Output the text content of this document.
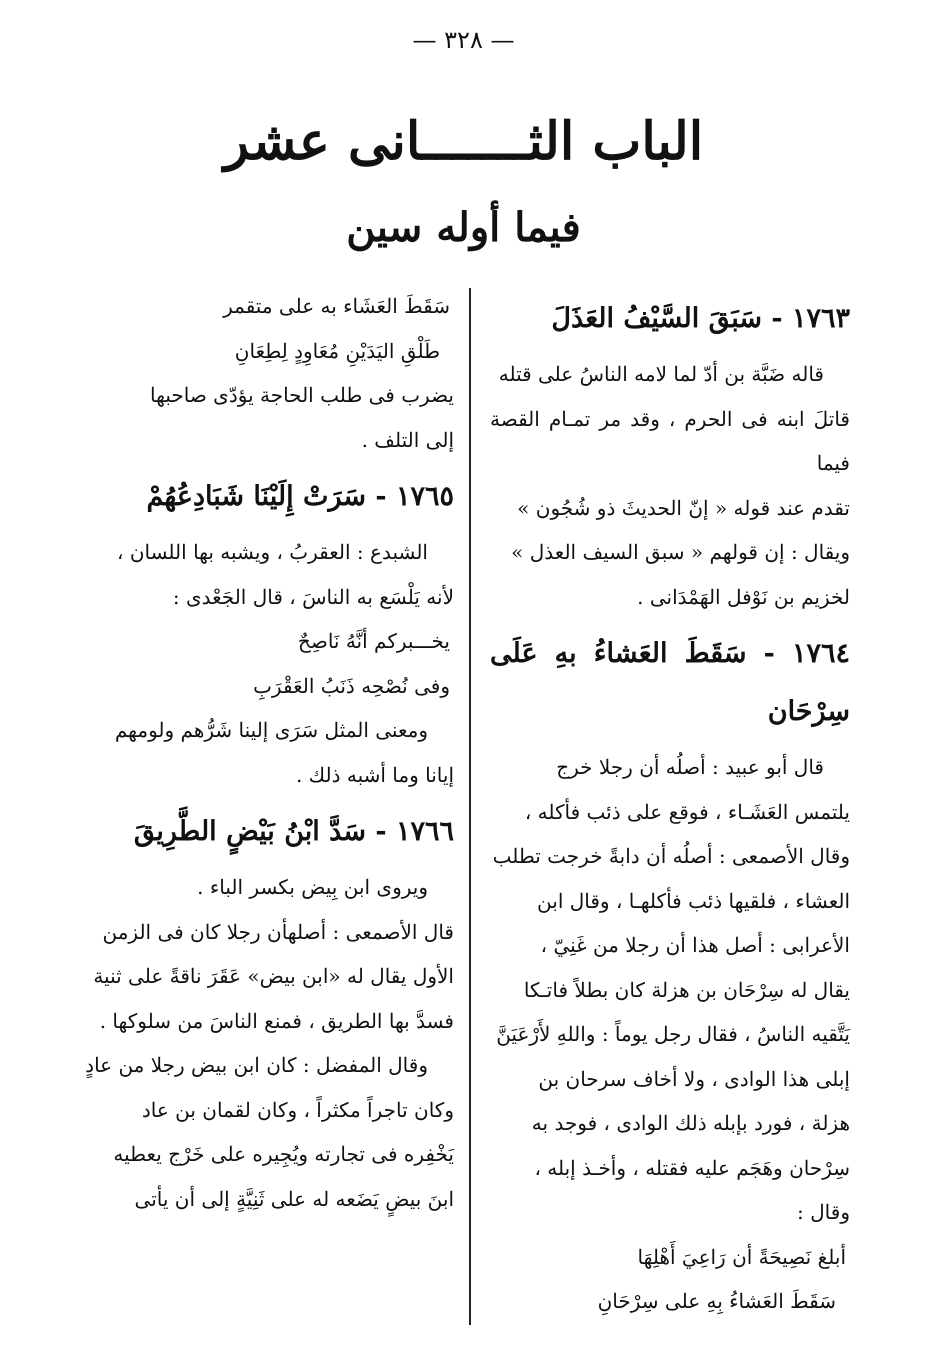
— ٣٢٨ —
الباب الثـــــــانى عشر
فيما أوله سين
١٧٦٣ - سَبَقَ السَّيْفُ العَذَلَ

قاله ضَبَّة بن أدّ لما لامه الناسُ على قتله

قاتلَ ابنه فى الحرم ، وقد مر تمـام القصة فيما

تقدم عند قوله « إنّ الحديثَ ذو شُجُون »

ويقال : إن قولهم « سبق السيف العذل »

لخزيم بن نَوْفل الهَمْدَانى .

١٧٦٤ - سَقَطَ العَشاءُ بهِ عَلَى سِرْحَان

قال أبو عبيد : أصلُه أن رجلا خرج

يلتمس العَشَـاء ، فوقع على ذئب فأكله ،

وقال الأصمعى : أصلُه أن دابةً خرجت تطلب

العشاء ، فلقيها ذئب فأكلهـا ، وقال ابن

الأعرابى : أصل هذا أن رجلا من غَنِيّ ،

يقال له سِرْحَان بن هزلة كان بطلاً فاتـكا

يَتَّقيه الناسُ ، فقال رجل يوماً : واللهِ لأَرْعَيَنَّ

إبلى هذا الوادى ، ولا أخاف سرحان بن

هزلة ، فورد بإبله ذلك الوادى ، فوجد به

سِرْحان وهَجَم عليه فقتله ، وأخـذ إبله ،

وقال :

أبلغ نَصِيحَةً أن رَاعِيَ أَهْلِهَا

سَقَطَ العَشاءُ بِهِ على سِرْحَانِ

سَقَطَ العَشَاء به على متقمر

طَلْقِ اليَدَيْنِ مُعَاوِدٍ لِطِعَانِ

يضرب فى طلب الحاجة يؤدّى صاحبها

إلى التلف .

١٧٦٥ - سَرَتْ إِلَيْنَا شَبَادِعُهُمْ

الشبدع : العقربُ ، ويشبه بها اللسان ،

لأنه يَلْسَع به الناسَ ، قال الجَعْدى :

يخـــبركم أنَّهُ نَاصِحٌ

وفى نُصْحِه ذَنَبُ العَقْرَبِ

ومعنى المثل سَرَى إلينا شَرُّهم ولومهم

إيانا وما أشبه ذلك .

١٧٦٦ - سَدَّ ابْنُ بَيْضٍ الطَّرِيقَ

ويروى ابن بِيض بكسر الباء .

قال الأصمعى : أصلهأن رجلا كان فى الزمن

الأول يقال له «ابن بيض» عَقَرَ ناقةً على ثنية

فسدَّ بها الطريق ، فمنع الناسَ من سلوكها .

وقال المفضل : كان ابن بيض رجلا من عادٍ

وكان تاجراً مكثراً ، وكان لقمان بن عاد

يَخْفِره فى تجارته ويُجِيره على خَرْج يعطيه

ابنَ بيضٍ يَضَعه له على ثَنِيَّةٍ إلى أن يأتى
